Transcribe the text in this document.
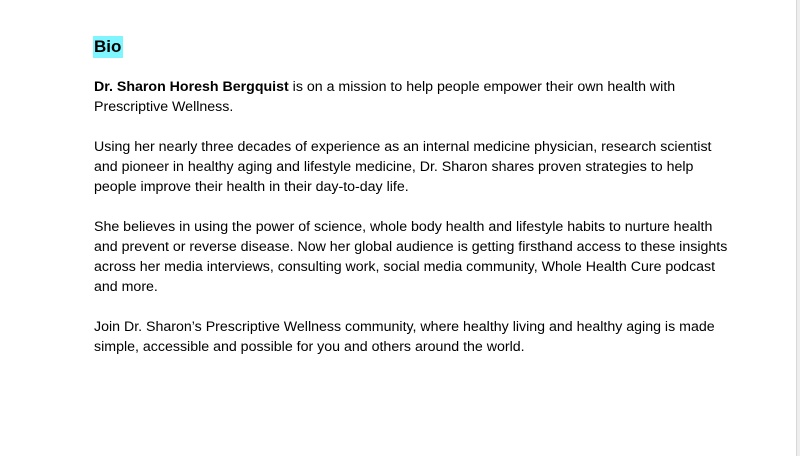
Bio

Dr. Sharon Horesh Bergquist is on a mission to help people empower their own health with Prescriptive Wellness.

Using her nearly three decades of experience as an internal medicine physician, research scientist and pioneer in healthy aging and lifestyle medicine, Dr. Sharon shares proven strategies to help people improve their health in their day-to-day life.

She believes in using the power of science, whole body health and lifestyle habits to nurture health and prevent or reverse disease. Now her global audience is getting firsthand access to these insights across her media interviews, consulting work, social media community, Whole Health Cure podcast and more.

Join Dr. Sharon’s Prescriptive Wellness community, where healthy living and healthy aging is made simple, accessible and possible for you and others around the world.
